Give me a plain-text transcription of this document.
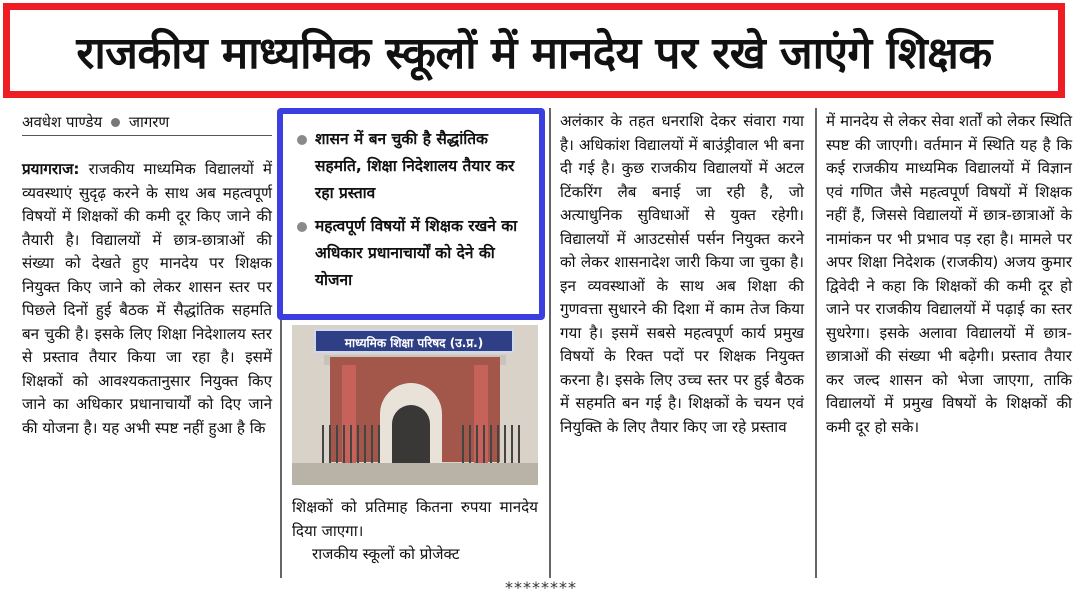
राजकीय माध्यमिक स्कूलों में मानदेय पर रखे जाएंगे शिक्षक
अवधेश पाण्डेय जागरण

प्रयागराज: राजकीय माध्यमिक विद्यालयों में व्यवस्थाएं सुदृढ़ करने के साथ अब महत्वपूर्ण विषयों में शिक्षकों की कमी दूर किए जाने की तैयारी है। विद्यालयों में छात्र-छात्राओं की संख्या को देखते हुए मानदेय पर शिक्षक नियुक्त किए जाने को लेकर शासन स्तर पर पिछले दिनों हुई बैठक में सैद्धांतिक सहमति बन चुकी है। इसके लिए शिक्षा निदेशालय स्तर से प्रस्ताव तैयार किया जा रहा है। इसमें शिक्षकों को आवश्यकतानुसार नियुक्त किए जाने का अधिकार प्रधानाचार्यों को दिए जाने की योजना है। यह अभी स्पष्ट नहीं हुआ है कि

शासन में बन चुकी है सैद्धांतिक सहमति, शिक्षा निदेशालय तैयार कर रहा प्रस्ताव
महत्वपूर्ण विषयों में शिक्षक रखने का अधिकार प्रधानाचार्यों को देने की योजना
माध्यमिक शिक्षा परिषद (उ.प्र.)

शिक्षकों को प्रतिमाह कितना रुपया मानदेय दिया जाएगा।

राजकीय स्कूलों को प्रोजेक्ट

अलंकार के तहत धनराशि देकर संवारा गया है। अधिकांश विद्यालयों में बाउंड्रीवाल भी बना दी गई है। कुछ राजकीय विद्यालयों में अटल टिंकरिंग लैब बनाई जा रही है, जो अत्याधुनिक सुविधाओं से युक्त रहेगी। विद्यालयों में आउटसोर्स पर्सन नियुक्त करने को लेकर शासनादेश जारी किया जा चुका है। इन व्यवस्थाओं के साथ अब शिक्षा की गुणवत्ता सुधारने की दिशा में काम तेज किया गया है। इसमें सबसे महत्वपूर्ण कार्य प्रमुख विषयों के रिक्त पदों पर शिक्षक नियुक्त करना है। इसके लिए उच्च स्तर पर हुई बैठक में सहमति बन गई है। शिक्षकों के चयन एवं नियुक्ति के लिए तैयार किए जा रहे प्रस्ताव

में मानदेय से लेकर सेवा शर्तों को लेकर स्थिति स्पष्ट की जाएगी। वर्तमान में स्थिति यह है कि कई राजकीय माध्यमिक विद्यालयों में विज्ञान एवं गणित जैसे महत्वपूर्ण विषयों में शिक्षक नहीं हैं, जिससे विद्यालयों में छात्र-छात्राओं के नामांकन पर भी प्रभाव पड़ रहा है। मामले पर अपर शिक्षा निदेशक (राजकीय) अजय कुमार द्विवेदी ने कहा कि शिक्षकों की कमी दूर हो जाने पर राजकीय विद्यालयों में पढ़ाई का स्तर सुधरेगा। इसके अलावा विद्यालयों में छात्र-छात्राओं की संख्या भी बढ़ेगी। प्रस्ताव तैयार कर जल्द शासन को भेजा जाएगा, ताकि विद्यालयों में प्रमुख विषयों के शिक्षकों की कमी दूर हो सके।

********
